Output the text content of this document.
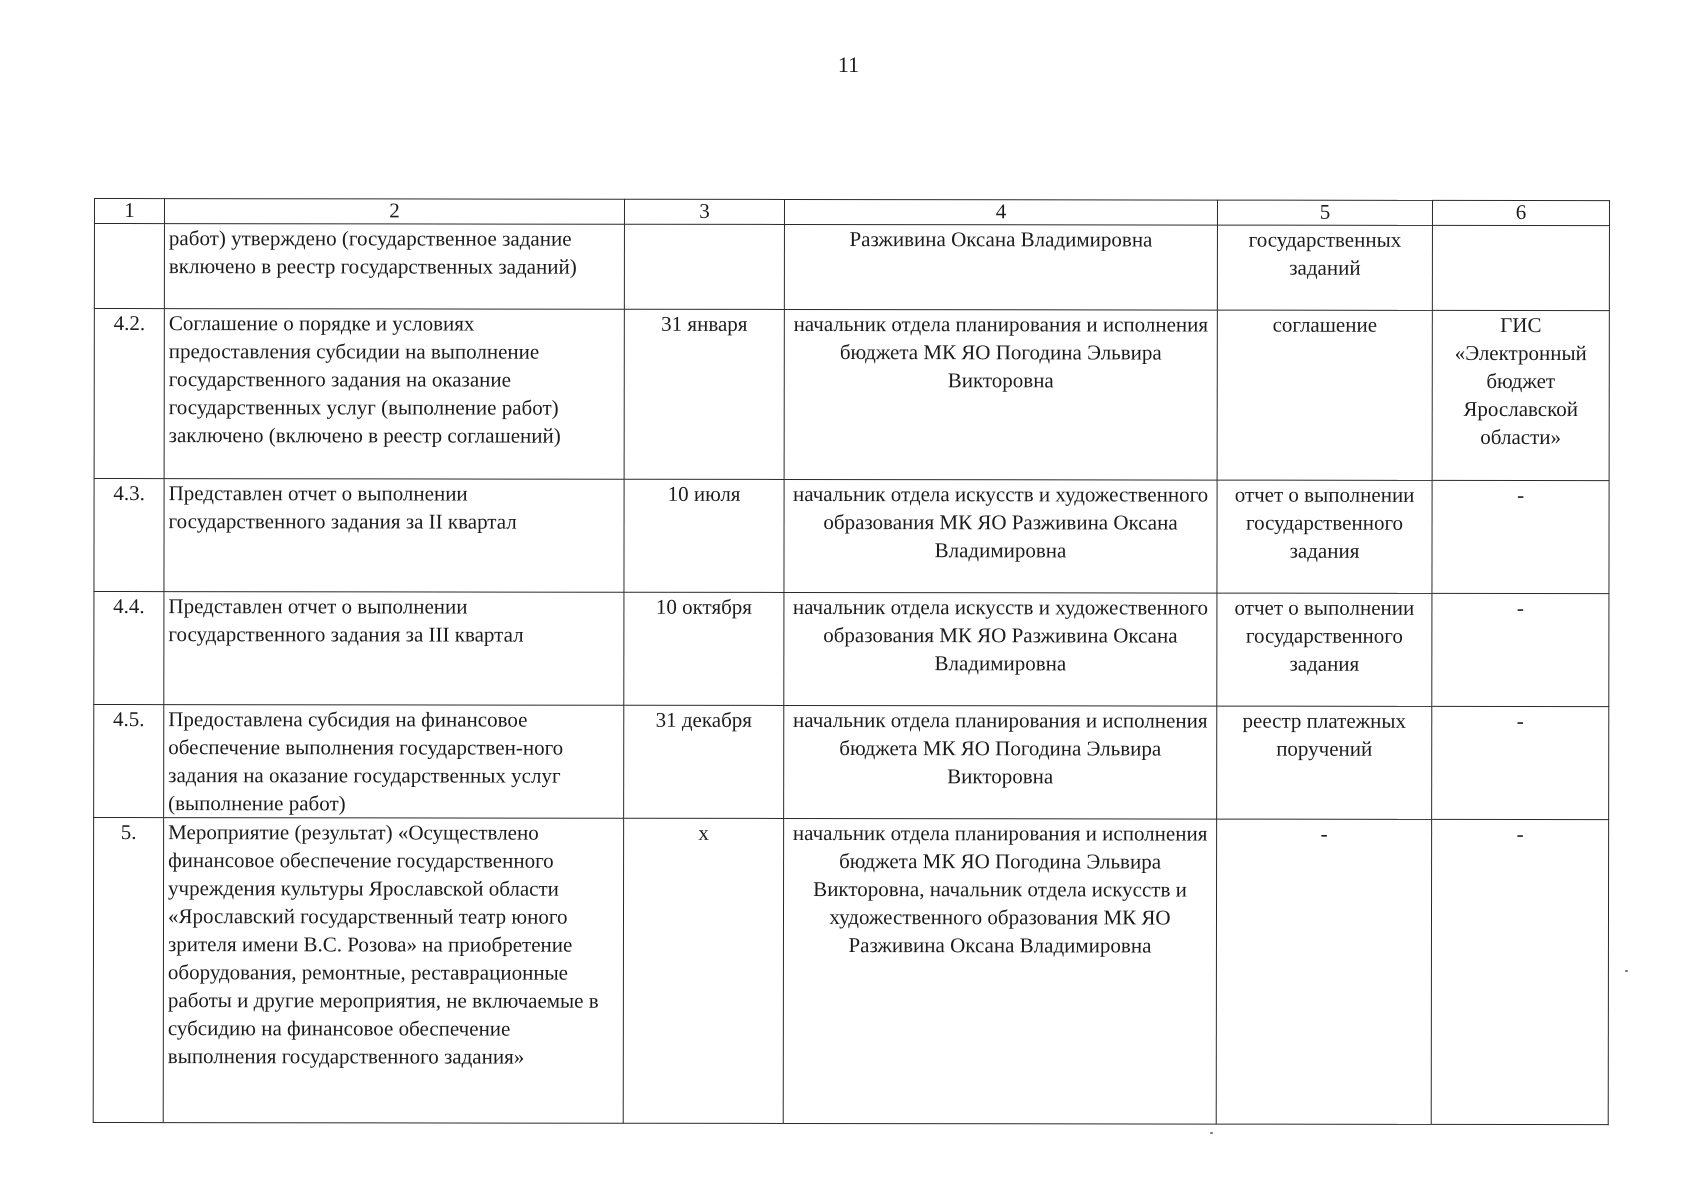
11
1	2	3	4	5	6
	работ) утверждено (государственное задание включено в реестр государственных заданий)		Разживина Оксана Владимировна	государственных заданий	
4.2.	Соглашение о порядке и условиях предоставления субсидии на выполнение государственного задания на оказание государственных услуг (выполнение работ) заключено (включено в реестр соглашений)	31 января	начальник отдела планирования и исполнения бюджета МК ЯО Погодина Эльвира Викторовна	соглашение	ГИС «Электронный бюджет Ярославской области»
4.3.	Представлен отчет о выполнении государственного задания за II квартал	10 июля	начальник отдела искусств и художественного образования МК ЯО Разживина Оксана Владимировна	отчет о выполнении государственного задания	-
4.4.	Представлен отчет о выполнении государственного задания за III квартал	10 октября	начальник отдела искусств и художественного образования МК ЯО Разживина Оксана Владимировна	отчет о выполнении государственного задания	-
4.5.	Предоставлена субсидия на финансовое обеспечение выполнения государствен-ного задания на оказание государственных услуг (выполнение работ)	31 декабря	начальник отдела планирования и исполнения бюджета МК ЯО Погодина Эльвира Викторовна	реестр платежных поручений	-
5.	Мероприятие (результат) «Осуществлено финансовое обеспечение государственного учреждения культуры Ярославской области «Ярославский государственный театр юного зрителя имени В.С. Розова» на приобретение оборудования, ремонтные, реставрационные работы и другие мероприятия, не включаемые в субсидию на финансовое обеспечение выполнения государственного задания»	х	начальник отдела планирования и исполнения бюджета МК ЯО Погодина Эльвира Викторовна, начальник отдела искусств и художественного образования МК ЯО Разживина Оксана Владимировна	-	-
